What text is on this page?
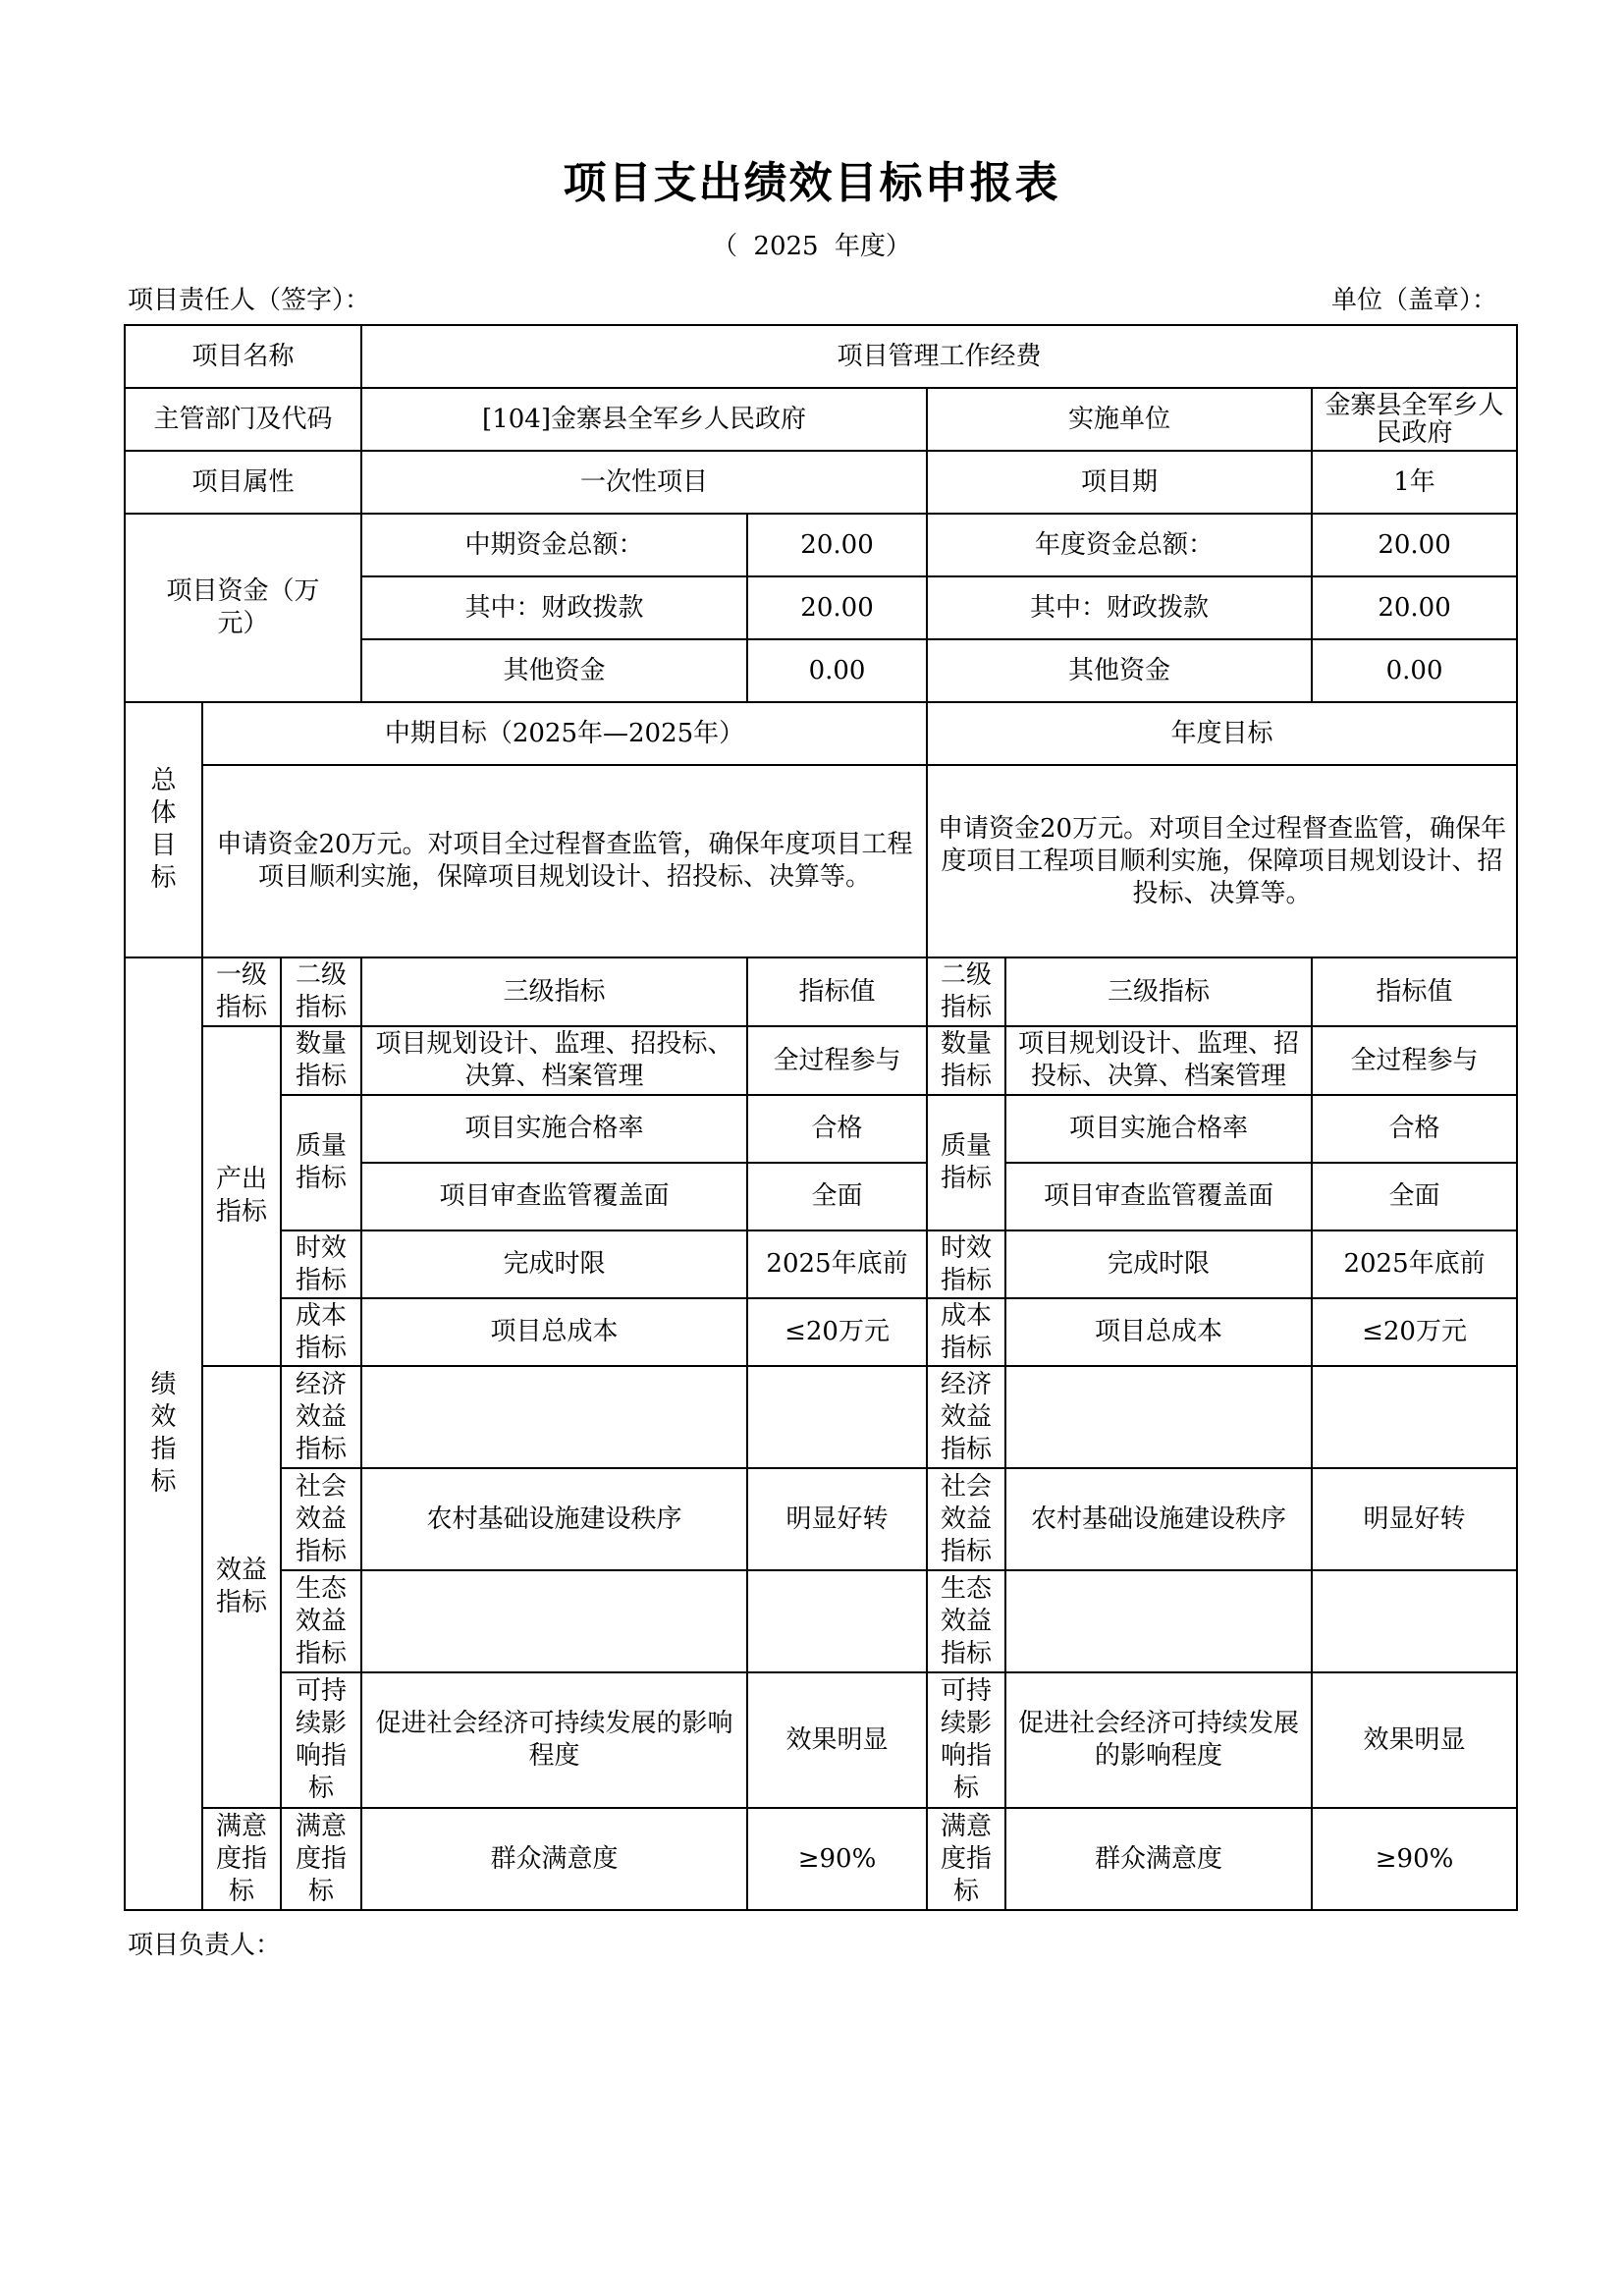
项目支出绩效目标申报表
（ 2025 年度）
项目责任人（签字）：	单位（盖章）：
项目名称			项目管理工作经费				
主管部门及代码			[104]金寨县全军乡人民政府		实施单位		金寨县全军乡人民政府
项目属性			一次性项目		项目期		1年
项目资金（万元）			中期资金总额：	20.00	年度资金总额：		20.00
			其中：财政拨款	20.00	其中：财政拨款		20.00
			其他资金	0.00	其他资金		0.00
总体目标	中期目标（2025年—2025年）				年度目标		
	申请资金20万元。对项目全过程督查监管，确保年度项目工程项目顺利实施，保障项目规划设计、招投标、决算等。				申请资金20万元。对项目全过程督查监管，确保年度项目工程项目顺利实施，保障项目规划设计、招投标、决算等。		
绩效指标	一级指标	二级指标	三级指标	指标值	二级指标	三级指标	指标值
	产出指标	数量指标	项目规划设计、监理、招投标、决算、档案管理	全过程参与	数量指标	项目规划设计、监理、招投标、决算、档案管理	全过程参与
		质量指标	项目实施合格率	合格	质量指标	项目实施合格率	合格
			项目审查监管覆盖面	全面		项目审查监管覆盖面	全面
		时效指标	完成时限	2025年底前	时效指标	完成时限	2025年底前
		成本指标	项目总成本	≤20万元	成本指标	项目总成本	≤20万元
	效益指标	经济效益指标			经济效益指标		
		社会效益指标	农村基础设施建设秩序	明显好转	社会效益指标	农村基础设施建设秩序	明显好转
		生态效益指标			生态效益指标		
		可持续影响指标	促进社会经济可持续发展的影响程度	效果明显	可持续影响指标	促进社会经济可持续发展的影响程度	效果明显
	满意度指标	满意度指标	群众满意度	≥90%	满意度指标	群众满意度	≥90%
项目负责人：
